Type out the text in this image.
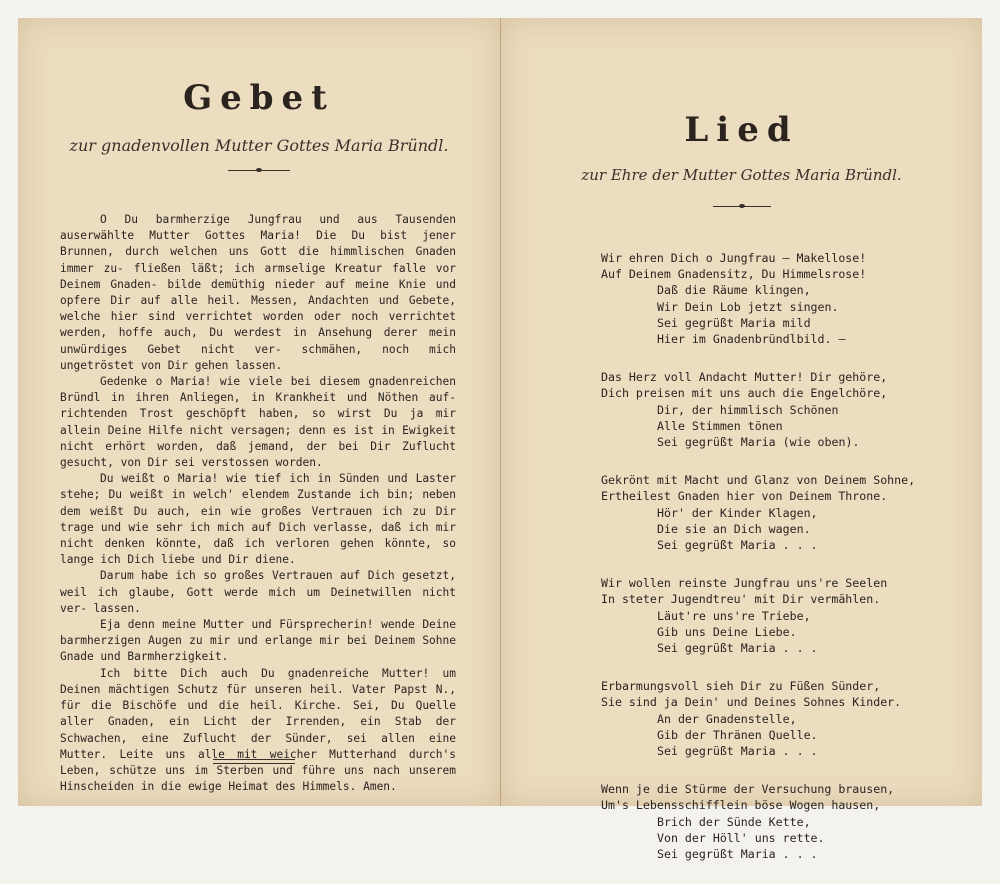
Gebet
zur gnadenvollen Mutter Gottes Maria Bründl.

O Du barmherzige Jungfrau und aus Tausenden auserwählte Mutter Gottes Maria! Die Du bist jener Brunnen, durch welchen uns Gott die himmlischen Gnaden immer zu- fließen läßt; ich armselige Kreatur falle vor Deinem Gnaden- bilde demüthig nieder auf meine Knie und opfere Dir auf alle heil. Messen, Andachten und Gebete, welche hier sind verrichtet worden oder noch verrichtet werden, hoffe auch, Du werdest in Ansehung derer mein unwürdiges Gebet nicht ver- schmähen, noch mich ungetröstet von Dir gehen lassen.

Gedenke o Maria! wie viele bei diesem gnadenreichen Bründl in ihren Anliegen, in Krankheit und Nöthen auf- richtenden Trost geschöpft haben, so wirst Du ja mir allein Deine Hilfe nicht versagen; denn es ist in Ewigkeit nicht erhört worden, daß jemand, der bei Dir Zuflucht gesucht, von Dir sei verstossen worden.

Du weißt o Maria! wie tief ich in Sünden und Laster stehe; Du weißt in welch' elendem Zustande ich bin; neben dem weißt Du auch, ein wie großes Vertrauen ich zu Dir trage und wie sehr ich mich auf Dich verlasse, daß ich mir nicht denken könnte, daß ich verloren gehen könnte, so lange ich Dich liebe und Dir diene.

Darum habe ich so großes Vertrauen auf Dich gesetzt, weil ich glaube, Gott werde mich um Deinetwillen nicht ver- lassen.

Eja denn meine Mutter und Fürsprecherin! wende Deine barmherzigen Augen zu mir und erlange mir bei Deinem Sohne Gnade und Barmherzigkeit.

Ich bitte Dich auch Du gnadenreiche Mutter! um Deinen mächtigen Schutz für unseren heil. Vater Papst N., für die Bischöfe und die heil. Kirche. Sei, Du Quelle aller Gnaden, ein Licht der Irrenden, ein Stab der Schwachen, eine Zuflucht der Sünder, sei allen eine Mutter. Leite uns alle mit weicher Mutterhand durch's Leben, schütze uns im Sterben und führe uns nach unserem Hinscheiden in die ewige Heimat des Himmels. Amen.

Lied
zur Ehre der Mutter Gottes Maria Bründl.
Wir ehren Dich o Jungfrau — Makellose!
Auf Deinem Gnadensitz, Du Himmelsrose!
Daß die Räume klingen,
Wir Dein Lob jetzt singen.
Sei gegrüßt Maria mild
Hier im Gnadenbründlbild. —
Das Herz voll Andacht Mutter! Dir gehöre,
Dich preisen mit uns auch die Engelchöre,
Dir, der himmlisch Schönen
Alle Stimmen tönen
Sei gegrüßt Maria (wie oben).
Gekrönt mit Macht und Glanz von Deinem Sohne,
Ertheilest Gnaden hier von Deinem Throne.
Hör' der Kinder Klagen,
Die sie an Dich wagen.
Sei gegrüßt Maria . . .
Wir wollen reinste Jungfrau uns're Seelen
In steter Jugendtreu' mit Dir vermählen.
Läut're uns're Triebe,
Gib uns Deine Liebe.
Sei gegrüßt Maria . . .
Erbarmungsvoll sieh Dir zu Füßen Sünder,
Sie sind ja Dein' und Deines Sohnes Kinder.
An der Gnadenstelle,
Gib der Thränen Quelle.
Sei gegrüßt Maria . . .
Wenn je die Stürme der Versuchung brausen,
Um's Lebensschifflein böse Wogen hausen,
Brich der Sünde Kette,
Von der Höll' uns rette.
Sei gegrüßt Maria . . .
